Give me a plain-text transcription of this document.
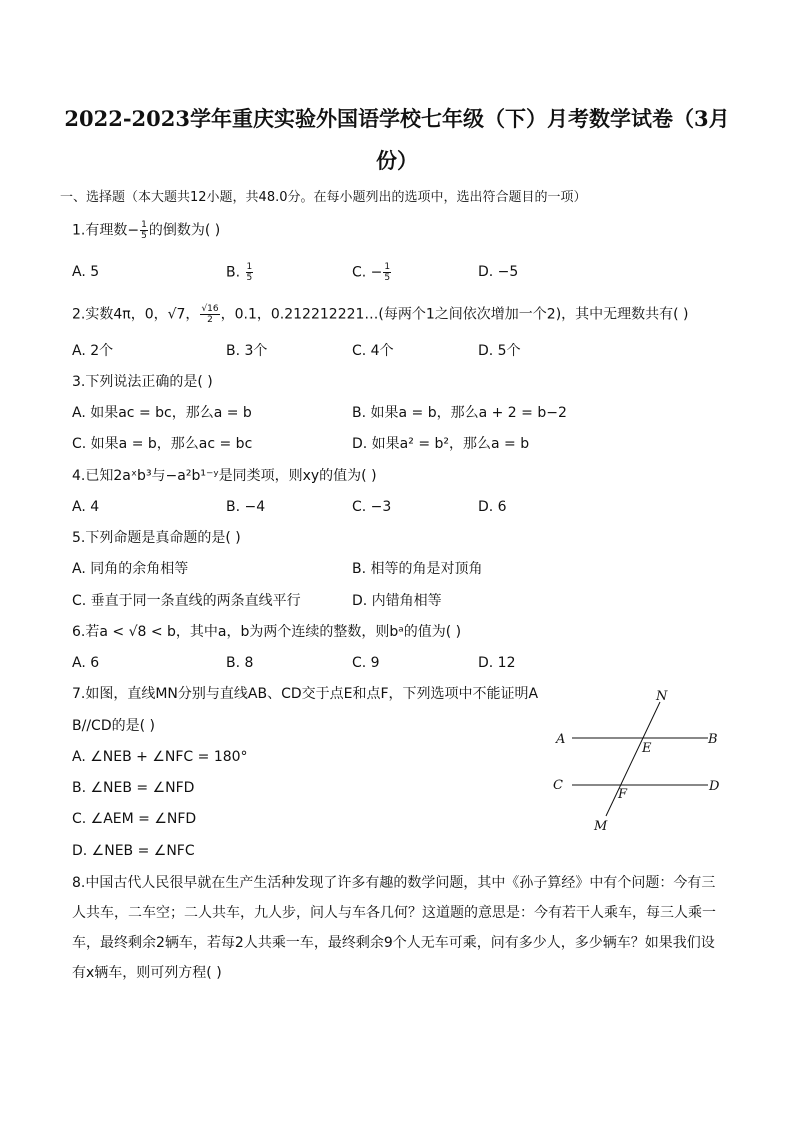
2022-2023学年重庆实验外国语学校七年级（下）月考数学试卷（3月
份）
一、选择题（本大题共12小题，共48.0分。在每小题列出的选项中，选出符合题目的一项）
1.有理数− $\frac{1}{5}$ 的倒数为( )
A. 5	B. $\frac{1}{5}$	C. − $\frac{1}{5}$	D. −5
2.实数4π，0，√7， $\frac{√16}{2}$ ，0.1，0.212212221…(每两个1之间依次增加一个2)，其中无理数共有( )
A. 2个	B. 3个	C. 4个	D. 5个
3.下列说法正确的是( )
A. 如果ac = bc，那么a = b	B. 如果a = b，那么a + 2 = b−2
C. 如果a = b，那么ac = bc	D. 如果a² = b²，那么a = b
4.已知2aˣb³与−a²b¹⁻ʸ是同类项，则xy的值为( )
A. 4	B. −4	C. −3	D. 6
5.下列命题是真命题的是( )
A. 同角的余角相等	B. 相等的角是对顶角
C. 垂直于同一条直线的两条直线平行	D. 内错角相等
6.若a < √8 < b，其中a，b为两个连续的整数，则bᵃ的值为( )
A. 6	B. 8	C. 9	D. 12
7.如图，直线MN分别与直线AB、CD交于点E和点F，下列选项中不能证明A
B//CD的是( )
A. ∠NEB + ∠NFC = 180°
B. ∠NEB = ∠NFD
C. ∠AEM = ∠NFD
D. ∠NEB = ∠NFC
N
A	B
E
C	D
F
M
8.中国古代人民很早就在生产生活种发现了许多有趣的数学问题，其中《孙子算经》中有个问题：今有三人共车，二车空；二人共车，九人步，问人与车各几何？这道题的意思是：今有若干人乘车，每三人乘一车，最终剩余2辆车，若每2人共乘一车，最终剩余9个人无车可乘，问有多少人，多少辆车？如果我们设有x辆车，则可列方程( )
